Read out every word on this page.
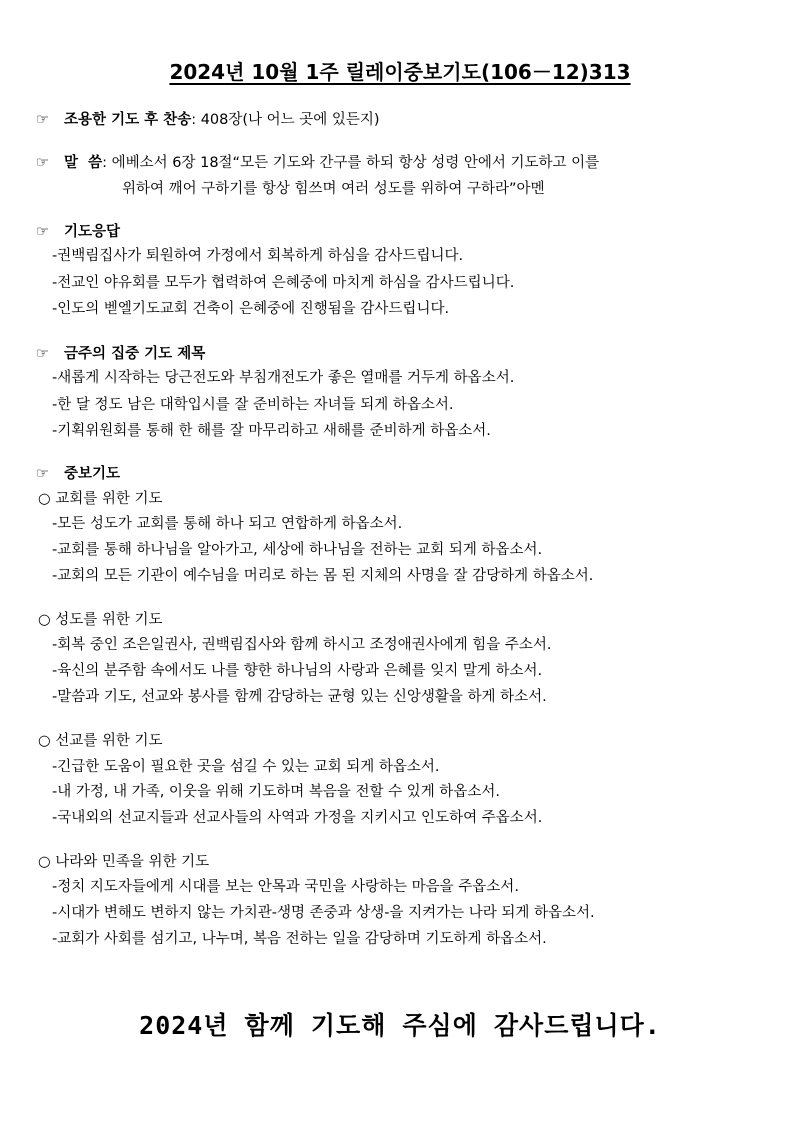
2024년 10월 1주 릴레이중보기도(106－12)313
☞ 조용한 기도 후 찬송: 408장(나 어느 곳에 있든지)
☞ 말  씀: 에베소서 6장 18절“모든 기도와 간구를 하되 항상 성령 안에서 기도하고 이를
위하여 깨어 구하기를 항상 힘쓰며 여러 성도를 위하여 구하라”아멘
☞ 기도응답
-권백림집사가 퇴원하여 가정에서 회복하게 하심을 감사드립니다.
-전교인 야유회를 모두가 협력하여 은혜중에 마치게 하심을 감사드립니다.
-인도의 벧엘기도교회 건축이 은혜중에 진행됨을 감사드립니다.
☞ 금주의 집중 기도 제목
-새롭게 시작하는 당근전도와 부침개전도가 좋은 열매를 거두게 하옵소서.
-한 달 정도 남은 대학입시를 잘 준비하는 자녀들 되게 하옵소서.
-기획위원회를 통해 한 해를 잘 마무리하고 새해를 준비하게 하옵소서.
☞ 중보기도
○ 교회를 위한 기도
-모든 성도가 교회를 통해 하나 되고 연합하게 하옵소서.
-교회를 통해 하나님을 알아가고, 세상에 하나님을 전하는 교회 되게 하옵소서.
-교회의 모든 기관이 예수님을 머리로 하는 몸 된 지체의 사명을 잘 감당하게 하옵소서.
○ 성도를 위한 기도
-회복 중인 조은일권사, 권백림집사와 함께 하시고 조정애권사에게 힘을 주소서.
-육신의 분주함 속에서도 나를 향한 하나님의 사랑과 은혜를 잊지 말게 하소서.
-말씀과 기도, 선교와 봉사를 함께 감당하는 균형 있는 신앙생활을 하게 하소서.
○ 선교를 위한 기도
-긴급한 도움이 필요한 곳을 섬길 수 있는 교회 되게 하옵소서.
-내 가정, 내 가족, 이웃을 위해 기도하며 복음을 전할 수 있게 하옵소서.
-국내외의 선교지들과 선교사들의 사역과 가정을 지키시고 인도하여 주옵소서.
○ 나라와 민족을 위한 기도
-정치 지도자들에게 시대를 보는 안목과 국민을 사랑하는 마음을 주옵소서.
-시대가 변해도 변하지 않는 가치관-생명 존중과 상생-을 지켜가는 나라 되게 하옵소서.
-교회가 사회를 섬기고, 나누며, 복음 전하는 일을 감당하며 기도하게 하옵소서.
2024년 함께 기도해 주심에 감사드립니다.
